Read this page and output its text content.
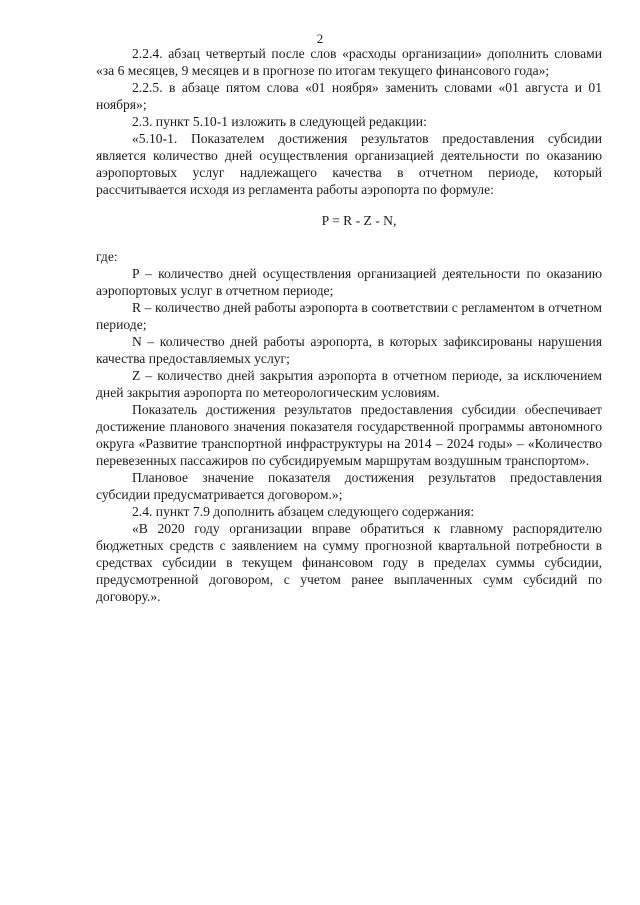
2

2.2.4. абзац четвертый после слов «расходы организации» дополнить словами «за 6 месяцев, 9 месяцев и в прогнозе по итогам текущего финансового года»;

2.2.5. в абзаце пятом слова «01 ноября» заменить словами «01 августа и 01 ноября»;

2.3. пункт 5.10-1 изложить в следующей редакции:

«5.10-1. Показателем достижения результатов предоставления субсидии является количество дней осуществления организацией деятельности по оказанию аэропортовых услуг надлежащего качества в отчетном периоде, который рассчитывается исходя из регламента работы аэропорта по формуле:

P = R - Z - N,

где:

P – количество дней осуществления организацией деятельности по оказанию аэропортовых услуг в отчетном периоде;

R – количество дней работы аэропорта в соответствии с регламентом в отчетном периоде;

N – количество дней работы аэропорта, в которых зафиксированы нарушения качества предоставляемых услуг;

Z – количество дней закрытия аэропорта в отчетном периоде, за исключением дней закрытия аэропорта по метеорологическим условиям.

Показатель достижения результатов предоставления субсидии обеспечивает достижение планового значения показателя государственной программы автономного округа «Развитие транспортной инфраструктуры на 2014 – 2024 годы» – «Количество перевезенных пассажиров по субсидируемым маршрутам воздушным транспортом».

Плановое значение показателя достижения результатов предоставления субсидии предусматривается договором.»;

2.4. пункт 7.9 дополнить абзацем следующего содержания:

«В 2020 году организации вправе обратиться к главному распорядителю бюджетных средств с заявлением на сумму прогнозной квартальной потребности в средствах субсидии в текущем финансовом году в пределах суммы субсидии, предусмотренной договором, с учетом ранее выплаченных сумм субсидий по договору.».
